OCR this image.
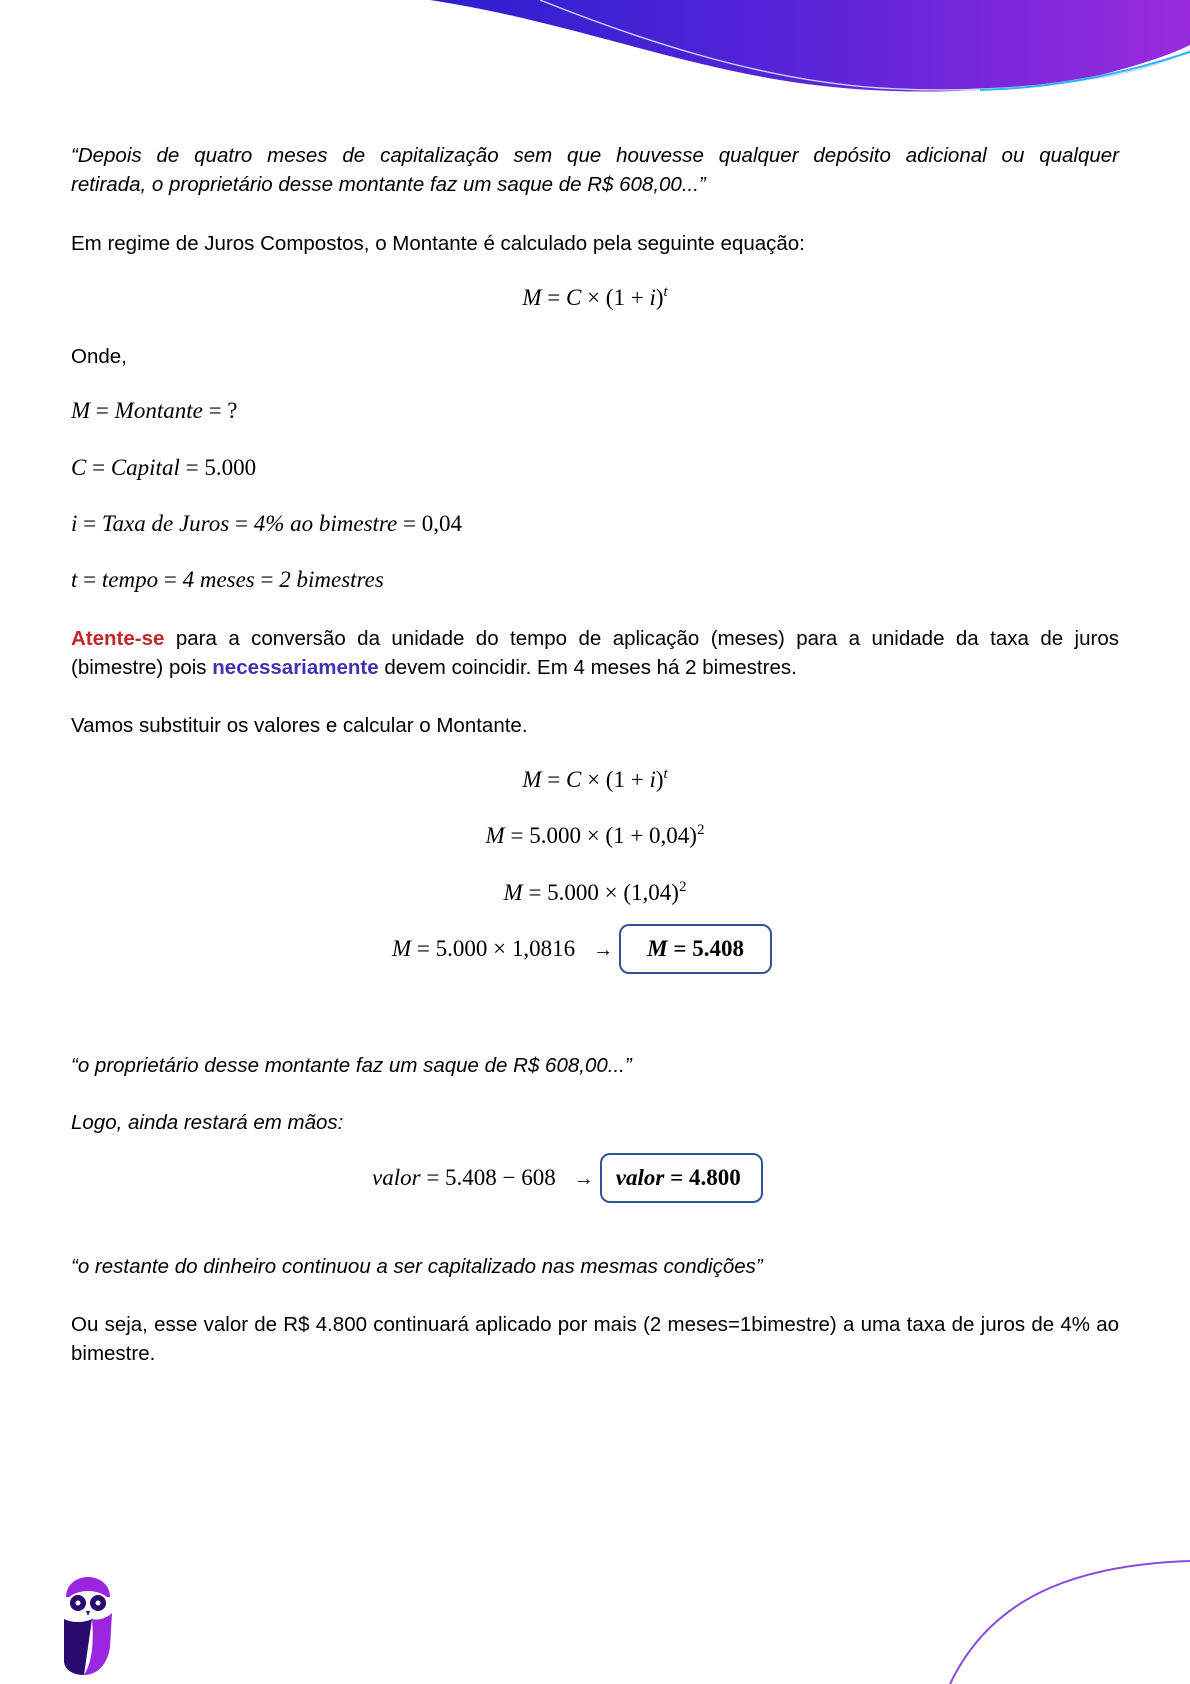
“Depois de quatro meses de capitalização sem que houvesse qualquer depósito adicional ou qualquer
retirada, o proprietário desse montante faz um saque de R$ 608,00...”
Em regime de Juros Compostos, o Montante é calculado pela seguinte equação:
$M = C \times (1 + i)^t$
Onde,
M = Montante = ?
C = Capital = 5.000
i = Taxa de Juros = 4% ao bimestre = 0,04
t = tempo = 4 meses = 2 bimestres
Atente-se para a conversão da unidade do tempo de aplicação (meses) para a unidade da taxa de juros (bimestre) pois necessariamente devem coincidir. Em 4 meses há 2 bimestres.
Vamos substituir os valores e calcular o Montante.
$M = C \times (1 + i)^t$
$M = 5.000 \times (1 + 0,04)^2$
$M = 5.000 \times (1,04)^2$
M = 5.000 × 1,0816 → M = 5.408
“o proprietário desse montante faz um saque de R$ 608,00...”
Logo, ainda restará em mãos:
valor = 5.408 − 608 → valor = 4.800
“o restante do dinheiro continuou a ser capitalizado nas mesmas condições”
Ou seja, esse valor de R$ 4.800 continuará aplicado por mais (2 meses=1bimestre) a uma taxa de juros de 4% ao bimestre.
